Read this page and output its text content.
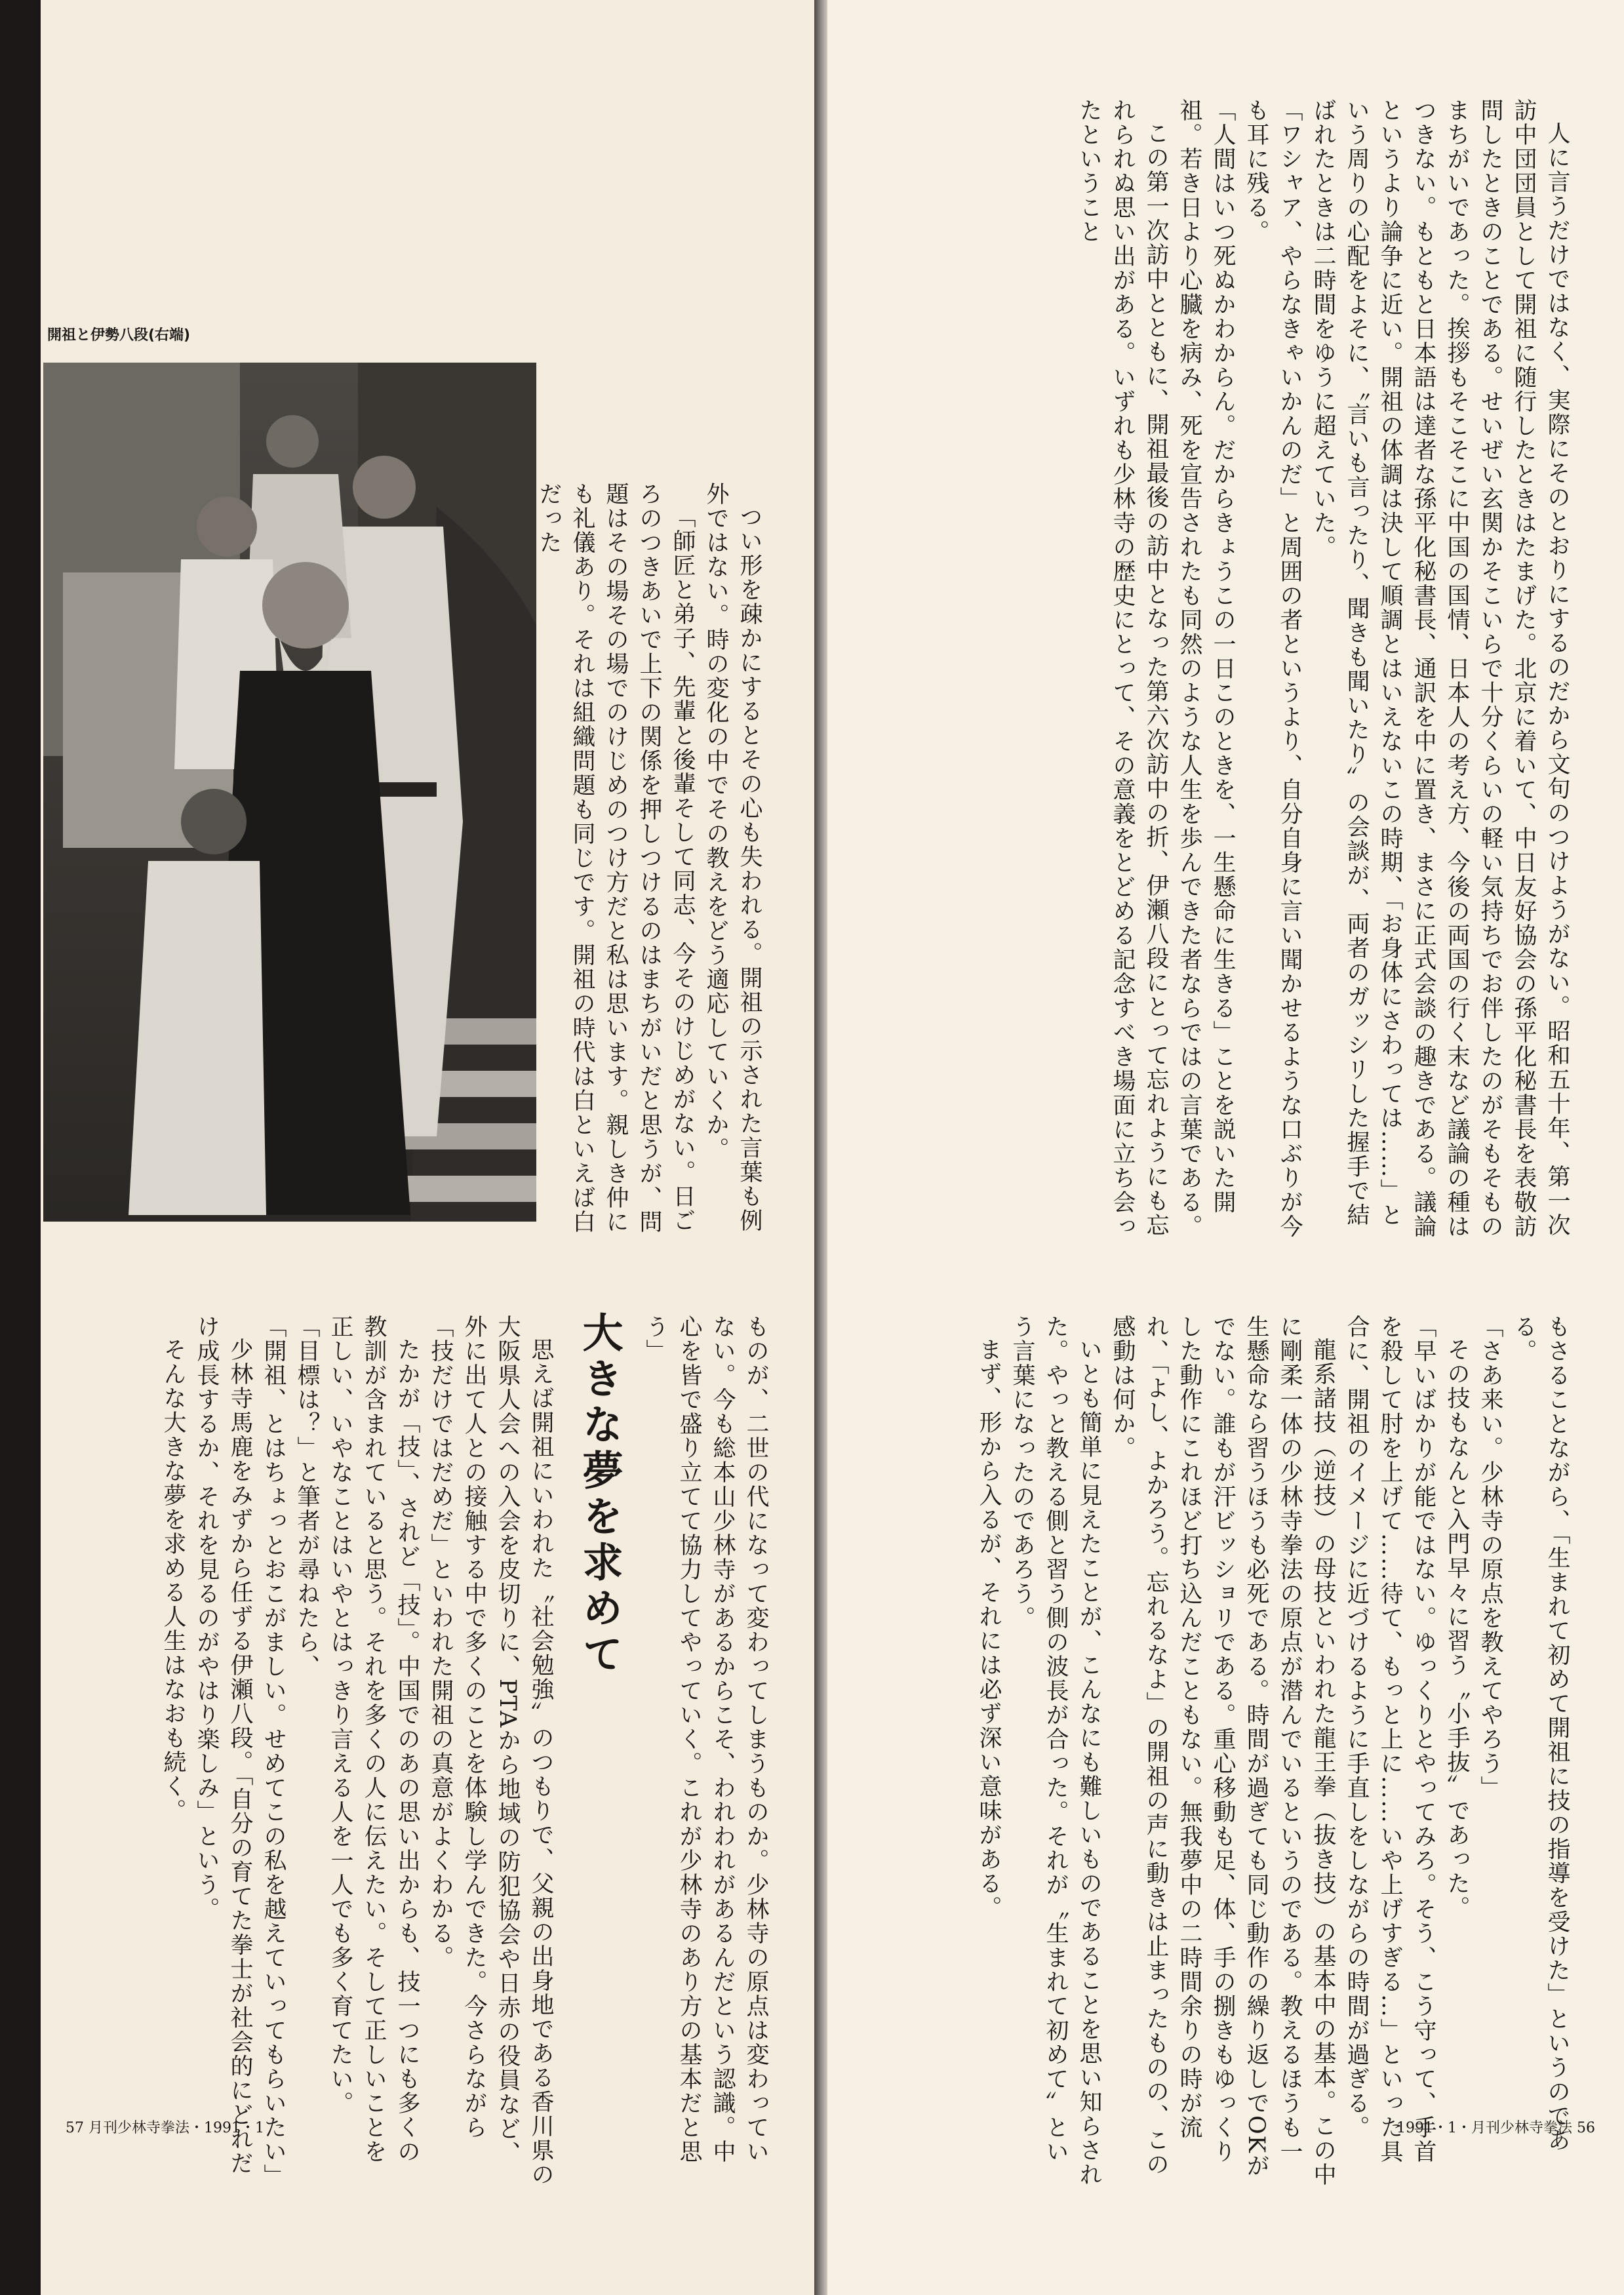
開祖と伊勢八段(右端)

つい形を疎かにするとその心も失われる。開祖の示された言葉も例外ではない。時の変化の中でその教えをどう適応していくか。

「師匠と弟子、先輩と後輩そして同志、今そのけじめがない。日ごろのつきあいで上下の関係を押しつけるのはまちがいだと思うが、問題はその場その場でのけじめのつけ方だと私は思います。親しき仲にも礼儀あり。それは組織問題も同じです。開祖の時代は白といえば白だった

ものが、二世の代になって変わってしまうものか。少林寺の原点は変わっていない。今も総本山少林寺があるからこそ、われわれがあるんだという認識。中心を皆で盛り立てて協力してやっていく。これが少林寺のあり方の基本だと思う」

大きな夢を求めて

思えば開祖にいわれた〝社会勉強〟のつもりで、父親の出身地である香川県の大阪県人会への入会を皮切りに、PTAから地域の防犯協会や日赤の役員など、外に出て人との接触する中で多くのことを体験し学んできた。今さらながら「技だけではだめだ」といわれた開祖の真意がよくわかる。

たかが「技」、されど「技」。中国でのあの思い出からも、技一つにも多くの教訓が含まれていると思う。それを多くの人に伝えたい。そして正しいことを正しい、いやなことはいやとはっきり言える人を一人でも多く育てたい。

「目標は？」と筆者が尋ねたら、

「開祖、とはちょっとおこがましい。せめてこの私を越えていってもらいたい」

少林寺馬鹿をみずから任ずる伊瀬八段。「自分の育てた拳士が社会的にどれだけ成長するか、それを見るのがやはり楽しみ」という。

そんな大きな夢を求める人生はなおも続く。

57 月刊少林寺拳法・1991・1

人に言うだけではなく、実際にそのとおりにするのだから文句のつけようがない。昭和五十年、第一次訪中団団員として開祖に随行したときはたまげた。北京に着いて、中日友好協会の孫平化秘書長を表敬訪問したときのことである。せいぜい玄関かそこいらで十分くらいの軽い気持ちでお伴したのがそもそものまちがいであった。挨拶もそこそこに中国の国情、日本人の考え方、今後の両国の行く末など議論の種はつきない。もともと日本語は達者な孫平化秘書長、通訳を中に置き、まさに正式会談の趣きである。議論というより論争に近い。開祖の体調は決して順調とはいえないこの時期、「お身体にさわっては……」という周りの心配をよそに、〝言いも言ったり、聞きも聞いたり〟の会談が、両者のガッシリした握手で結ばれたときは二時間をゆうに超えていた。

「ワシャア、やらなきゃいかんのだ」と周囲の者というより、自分自身に言い聞かせるような口ぶりが今も耳に残る。

「人間はいつ死ぬかわからん。だからきょうこの一日このときを、一生懸命に生きる」ことを説いた開祖。若き日より心臓を病み、死を宣告されたも同然のような人生を歩んできた者ならではの言葉である。

この第一次訪中とともに、開祖最後の訪中となった第六次訪中の折、伊瀬八段にとって忘れようにも忘れられぬ思い出がある。いずれも少林寺の歴史にとって、その意義をとどめる記念すべき場面に立ち会ったということ

もさることながら、「生まれて初めて開祖に技の指導を受けた」というのである。

「さあ来い。少林寺の原点を教えてやろう」

その技もなんと入門早々に習う〝小手抜〟であった。

「早いばかりが能ではない。ゆっくりとやってみろ。そう、こう守って、手首を殺して肘を上げて……待て、もっと上に……いや上げすぎる…」といった具合に、開祖のイメージに近づけるように手直しをしながらの時間が過ぎる。

龍系諸技（逆技）の母技といわれた龍王拳（抜き技）の基本中の基本。この中に剛柔一体の少林寺拳法の原点が潜んでいるというのである。教えるほうも一生懸命なら習うほうも必死である。時間が過ぎても同じ動作の繰り返しでOKがでない。誰もが汗ビッショリである。重心移動も足、体、手の捌きもゆっくりした動作にこれほど打ち込んだこともない。無我夢中の二時間余りの時が流れ、「よし、よかろう。忘れるなよ」の開祖の声に動きは止まったものの、この感動は何か。

いとも簡単に見えたことが、こんなにも難しいものであることを思い知らされた。やっと教える側と習う側の波長が合った。それが〝生まれて初めて〟という言葉になったのであろう。

まず、形から入るが、それには必ず深い意味がある。

1991・1・月刊少林寺拳法 56
